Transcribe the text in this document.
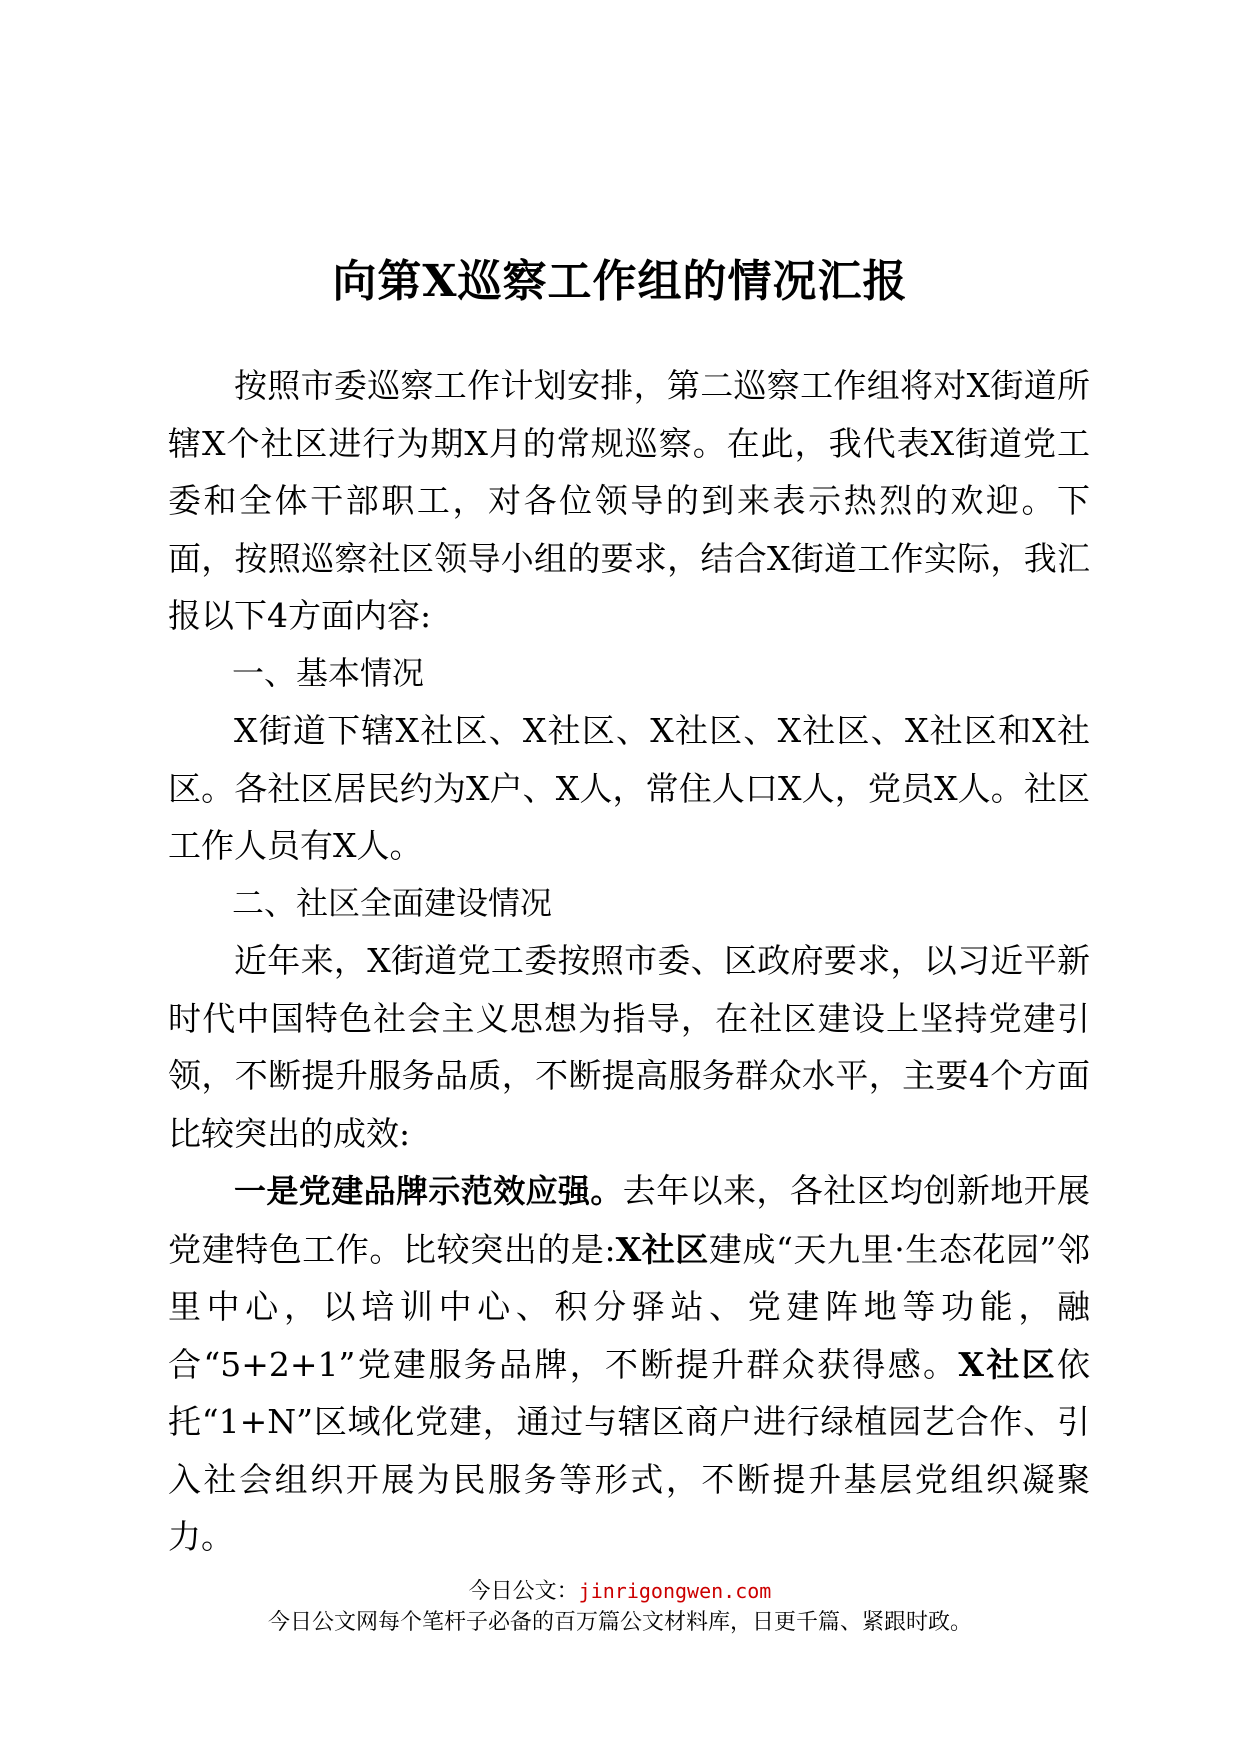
向第X巡察工作组的情况汇报

按照市委巡察工作计划安排，第二巡察工作组将对X街道所辖X个社区进行为期X月的常规巡察。在此，我代表X街道党工委和全体干部职工，对各位领导的到来表示热烈的欢迎。下面，按照巡察社区领导小组的要求，结合X街道工作实际，我汇报以下4方面内容:

一、基本情况

X街道下辖X社区、X社区、X社区、X社区、X社区和X社区。各社区居民约为X户、X人，常住人口X人，党员X人。社区工作人员有X人。

二、社区全面建设情况

近年来，X街道党工委按照市委、区政府要求，以习近平新时代中国特色社会主义思想为指导，在社区建设上坚持党建引领，不断提升服务品质，不断提高服务群众水平，主要4个方面比较突出的成效:

一是党建品牌示范效应强。去年以来，各社区均创新地开展党建特色工作。比较突出的是:X社区建成“天九里·生态花园”邻里中心，以培训中心、积分驿站、党建阵地等功能，融合“5+2+1”党建服务品牌，不断提升群众获得感。X社区依托“1+N”区域化党建，通过与辖区商户进行绿植园艺合作、引入社会组织开展为民服务等形式，不断提升基层党组织凝聚力。

今日公文：jinrigongwen.com
今日公文网每个笔杆子必备的百万篇公文材料库，日更千篇、紧跟时政。
